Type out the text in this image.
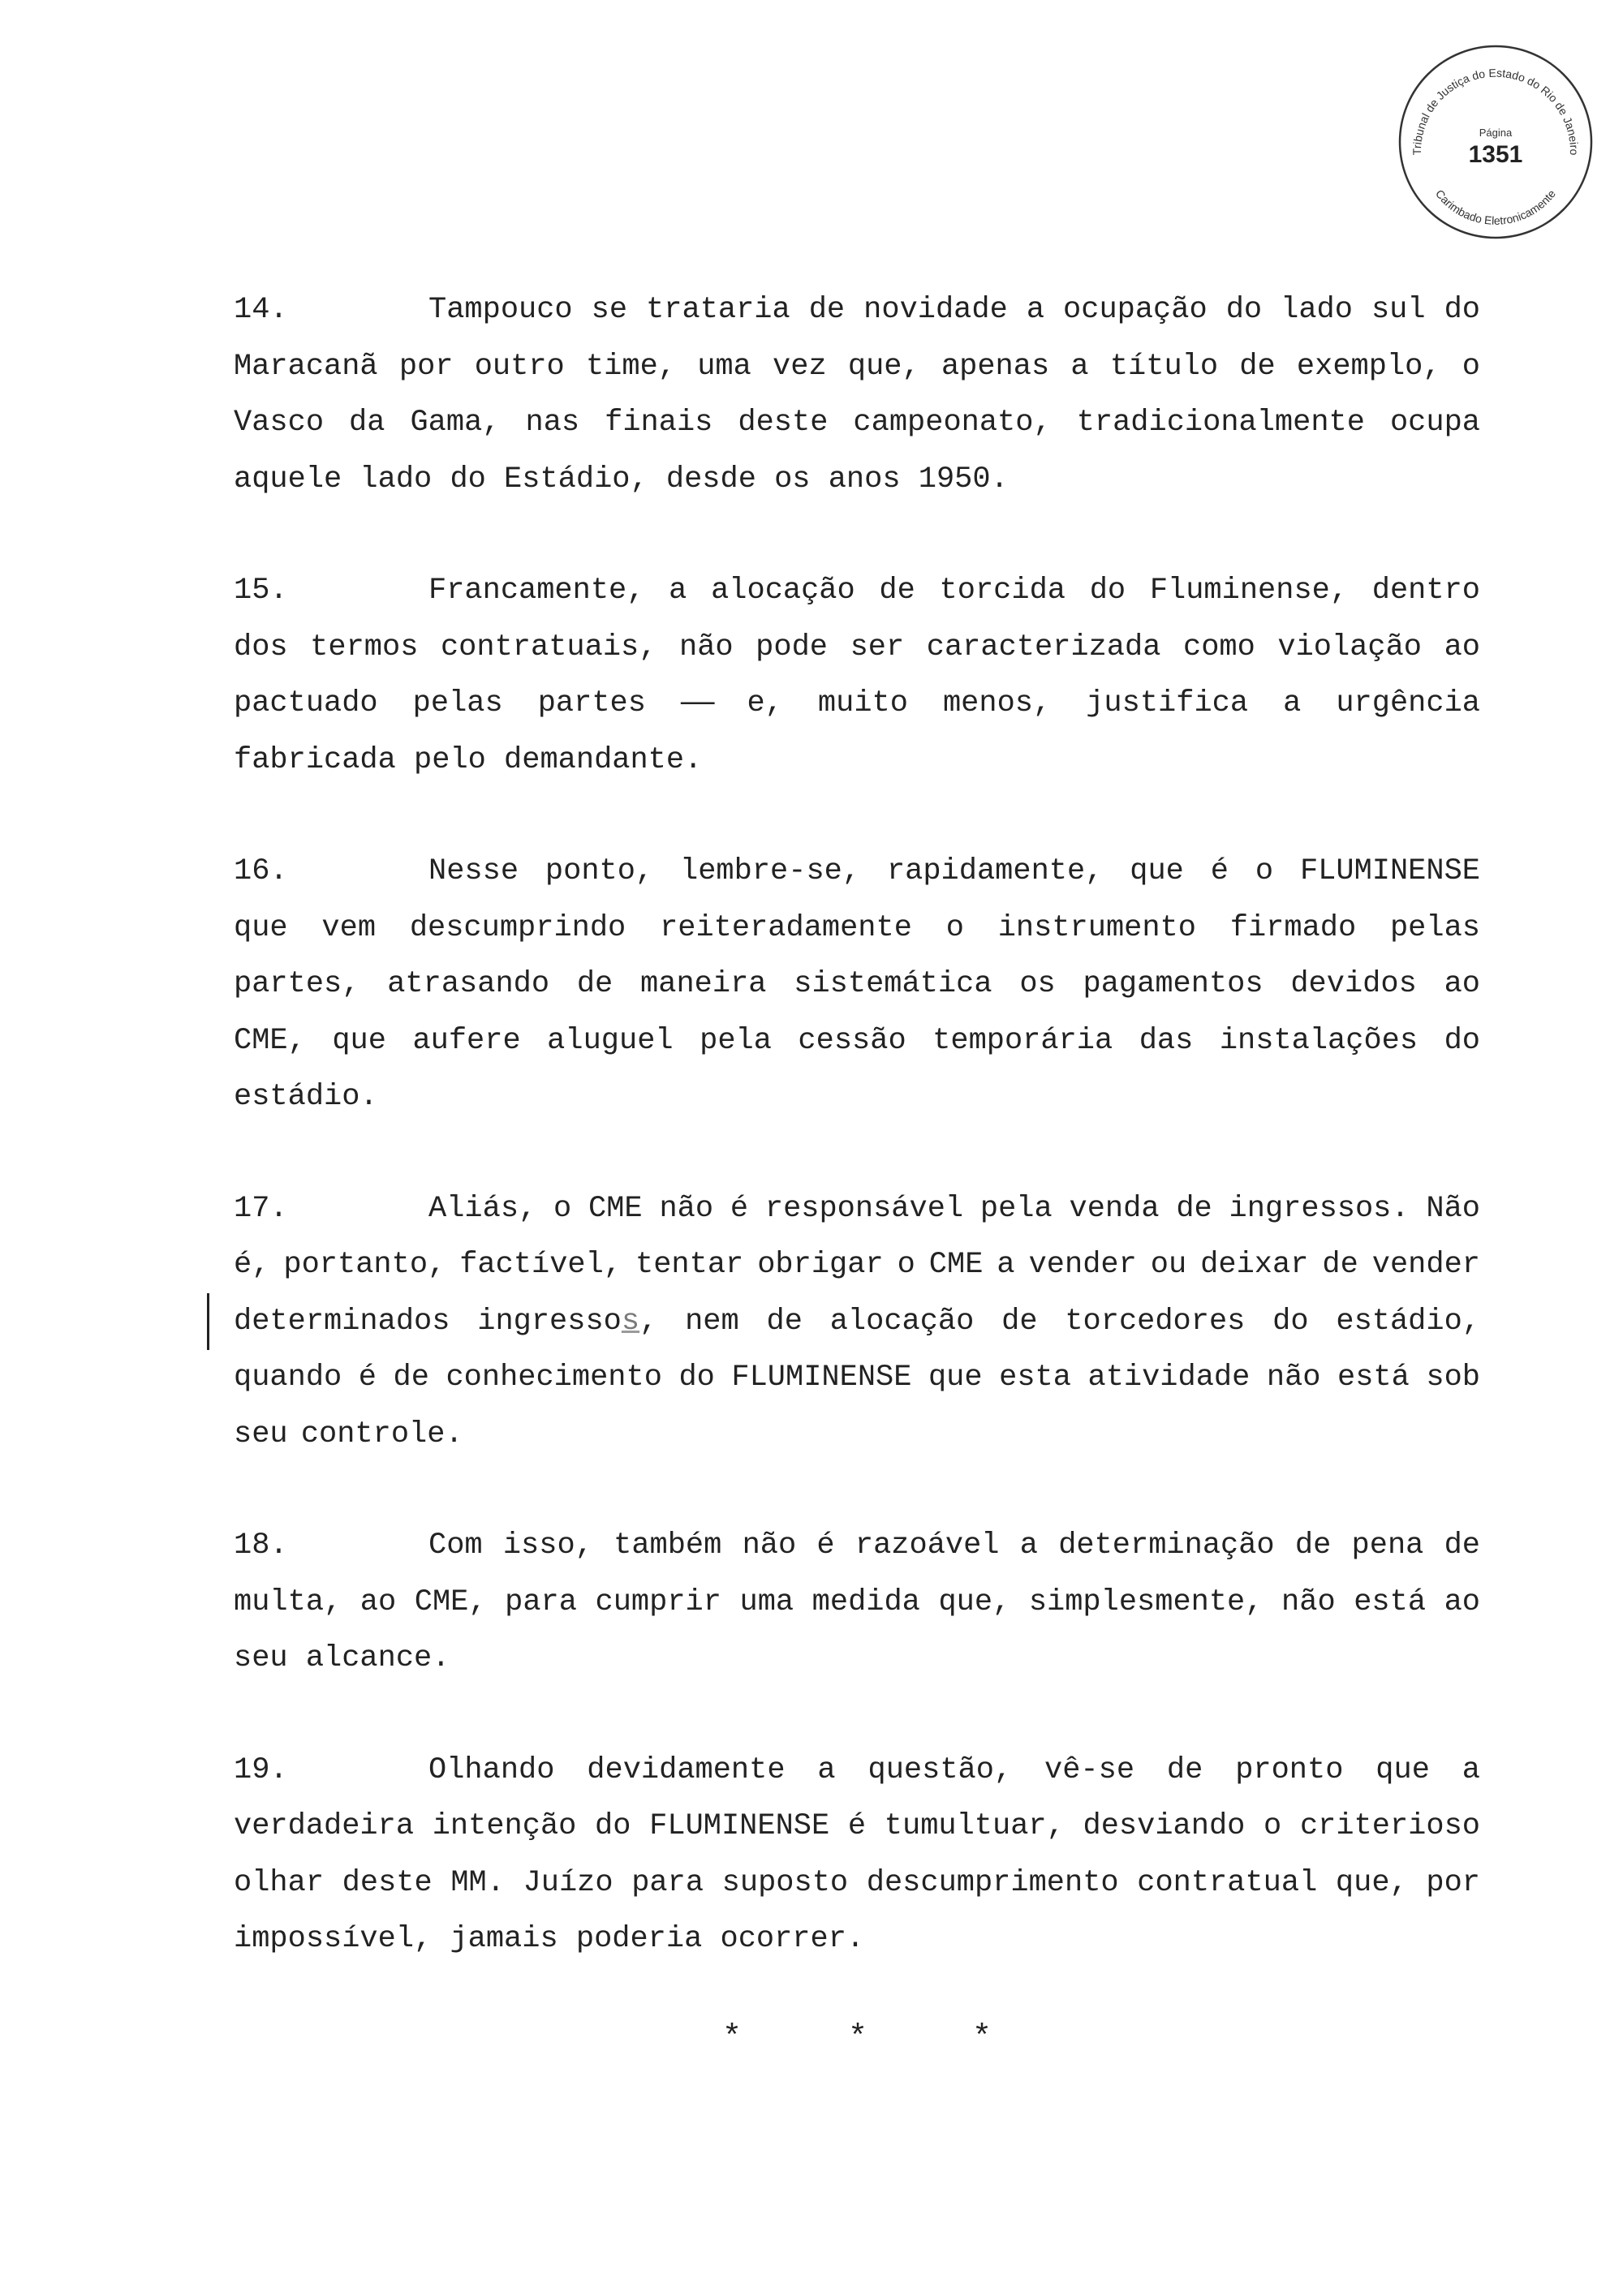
Tribunal de Justiça do Estado do Rio de Janeiro
Carimbado Eletronicamente
Página
1351

14.	Tampouco se trataria de novidade a ocupação do lado sul do Maracanã por outro time, uma vez que, apenas a título de exemplo, o Vasco da Gama, nas finais deste campeonato, tradicionalmente ocupa aquele lado do Estádio, desde os anos 1950.

15.	Francamente, a alocação de torcida do Fluminense, dentro dos termos contratuais, não pode ser caracterizada como violação ao pactuado pelas partes —— e, muito menos, justifica a urgência fabricada pelo demandante.

16.	Nesse ponto, lembre-se, rapidamente, que é o FLUMINENSE que vem descumprindo reiteradamente o instrumento firmado pelas partes, atrasando de maneira sistemática os pagamentos devidos ao CME, que aufere aluguel pela cessão temporária das instalações do estádio.

17.	Aliás, o CME não é responsável pela venda de ingressos. Não é, portanto, factível, tentar obrigar o CME a vender ou deixar de vender determinados ingressos, nem de alocação de torcedores do estádio, quando é de conhecimento do FLUMINENSE que esta atividade não está sob seu controle.

18.	Com isso, também não é razoável a determinação de pena de multa, ao CME, para cumprir uma medida que, simplesmente, não está ao seu alcance.

19.	Olhando devidamente a questão, vê-se de pronto que a verdadeira intenção do FLUMINENSE é tumultuar, desviando o criterioso olhar deste MM. Juízo para suposto descumprimento contratual que, por impossível, jamais poderia ocorrer.

*	*	*
